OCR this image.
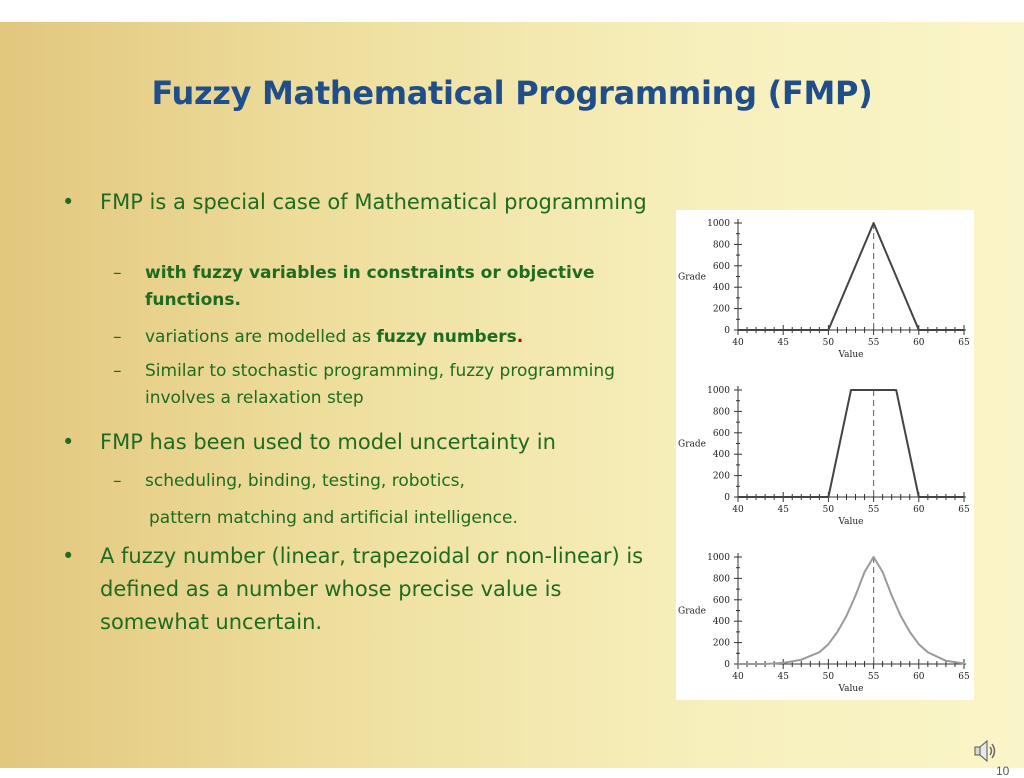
Fuzzy Mathematical Programming (FMP)
• FMP is a special case of Mathematical programming
– with fuzzy variables in constraints or objective functions.
– variations are modelled as fuzzy numbers.
– Similar to stochastic programming, fuzzy programming involves a relaxation step
• FMP has been used to model uncertainty in
– scheduling, binding, testing, robotics,
pattern matching and artificial intelligence.
• A fuzzy number (linear, trapezoidal or non-linear) is defined as a number whose precise value is somewhat uncertain.
0
200
400
600
800
1000
40	45	50	55	60	65
Value
Grade
0
200
400
600
800
1000
40	45	50	55	60	65
Value
Grade
0
200
400
600
800
1000
40	45	50	55	60	65
Value
Grade
10
